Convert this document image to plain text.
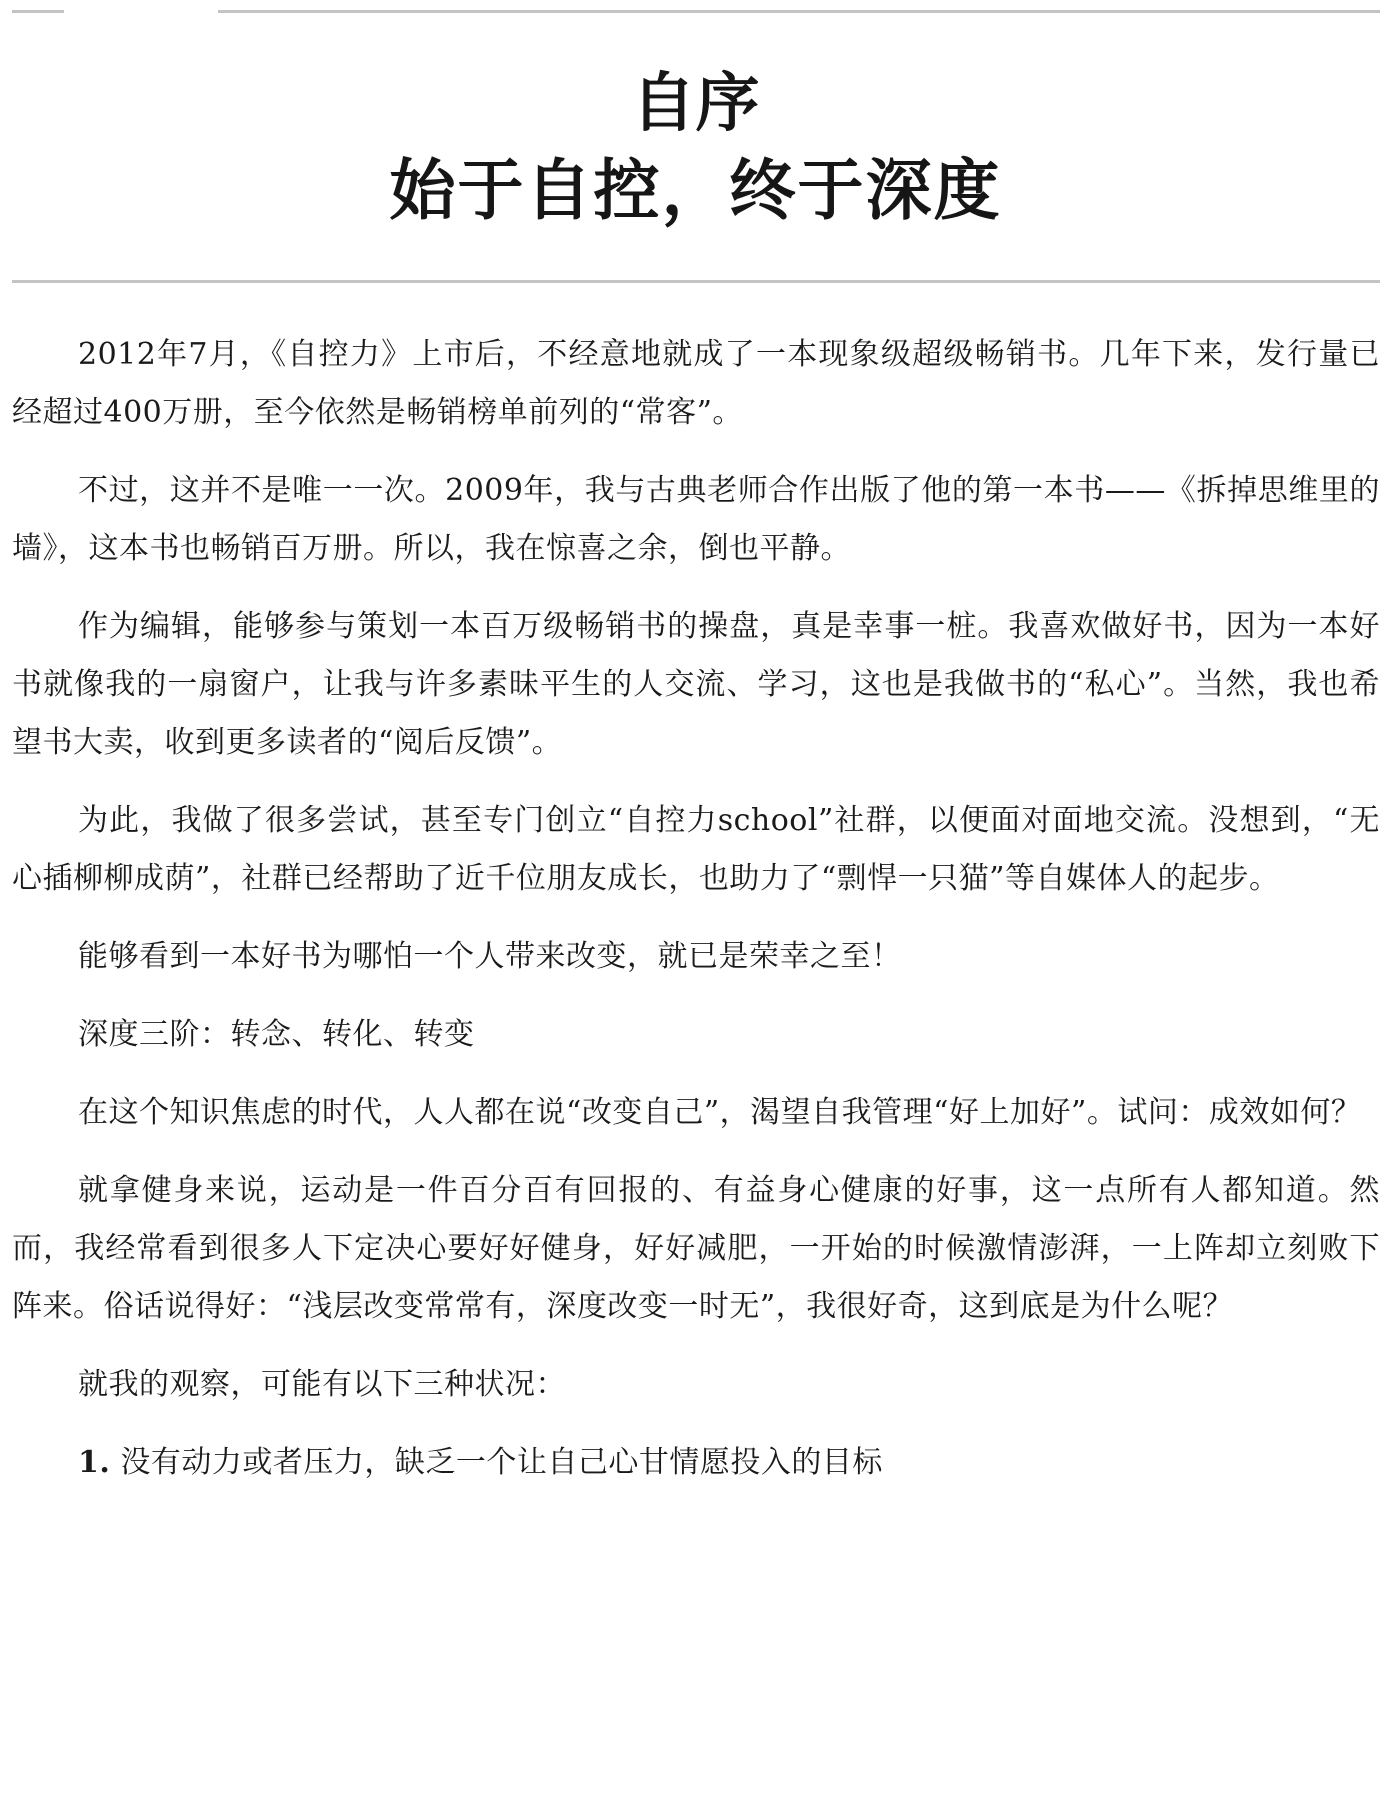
自序
始于自控，终于深度

2012年7月，《自控力》上市后，不经意地就成了一本现象级超级畅销书。几年下来，发行量已经超过400万册，至今依然是畅销榜单前列的“常客”。

不过，这并不是唯一一次。2009年，我与古典老师合作出版了他的第一本书——《拆掉思维里的墙》，这本书也畅销百万册。所以，我在惊喜之余，倒也平静。

作为编辑，能够参与策划一本百万级畅销书的操盘，真是幸事一桩。我喜欢做好书，因为一本好书就像我的一扇窗户，让我与许多素昧平生的人交流、学习，这也是我做书的“私心”。当然，我也希望书大卖，收到更多读者的“阅后反馈”。

为此，我做了很多尝试，甚至专门创立“自控力school”社群，以便面对面地交流。没想到，“无心插柳柳成荫”，社群已经帮助了近千位朋友成长，也助力了“剽悍一只猫”等自媒体人的起步。

能够看到一本好书为哪怕一个人带来改变，就已是荣幸之至！

深度三阶：转念、转化、转变

在这个知识焦虑的时代，人人都在说“改变自己”，渴望自我管理“好上加好”。试问：成效如何？

就拿健身来说，运动是一件百分百有回报的、有益身心健康的好事，这一点所有人都知道。然而，我经常看到很多人下定决心要好好健身，好好减肥，一开始的时候激情澎湃，一上阵却立刻败下阵来。俗话说得好：“浅层改变常常有，深度改变一时无”，我很好奇，这到底是为什么呢？

就我的观察，可能有以下三种状况：

1. 没有动力或者压力，缺乏一个让自己心甘情愿投入的目标
